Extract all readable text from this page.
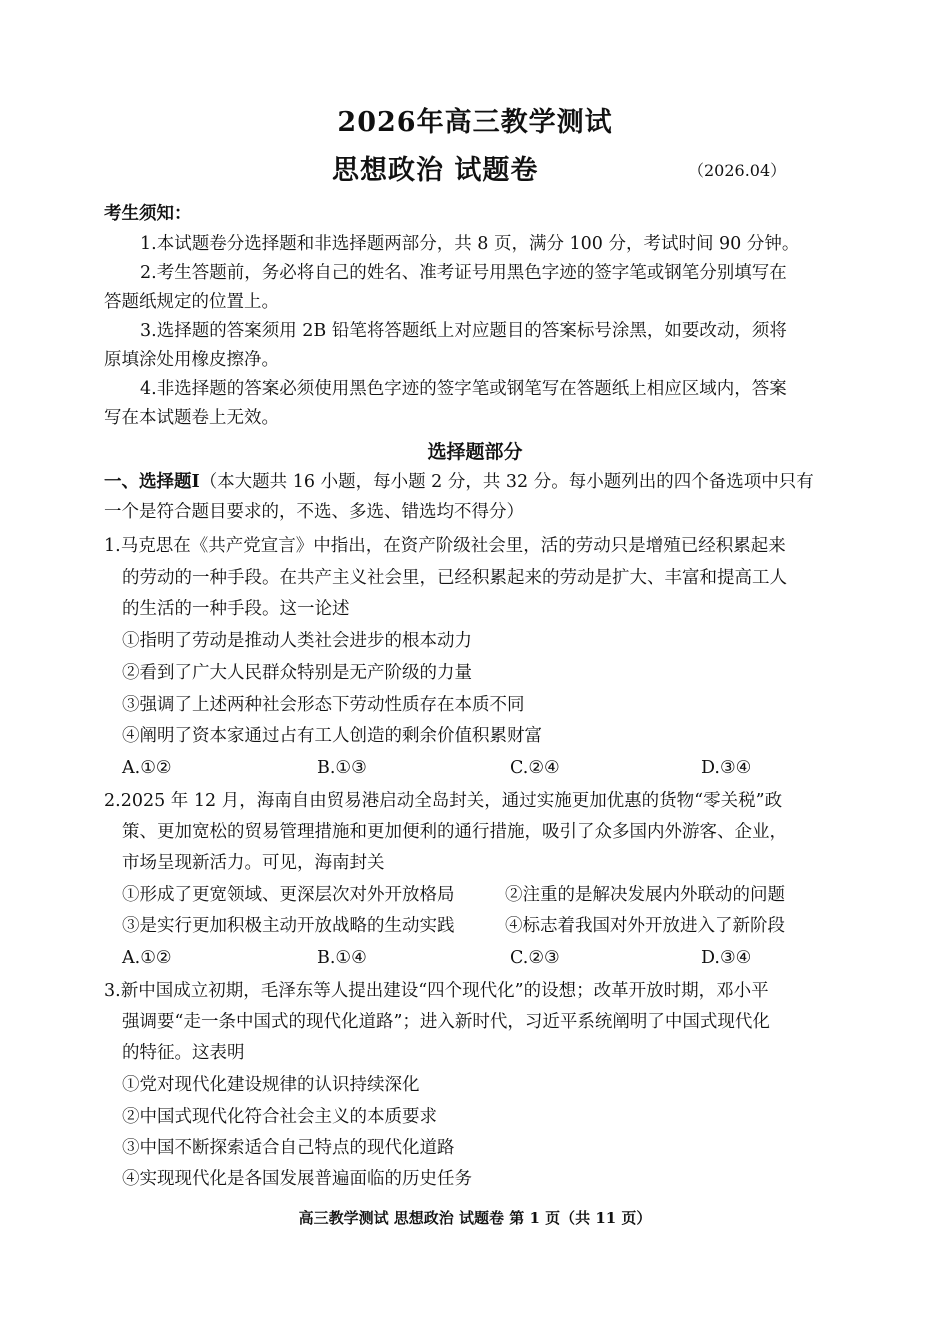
2026年高三教学测试
思想政治 试题卷	（2026.04）
考生须知：
1.本试题卷分选择题和非选择题两部分，共 8 页，满分 100 分，考试时间 90 分钟。
2.考生答题前，务必将自己的姓名、准考证号用黑色字迹的签字笔或钢笔分别填写在
答题纸规定的位置上。
3.选择题的答案须用 2B 铅笔将答题纸上对应题目的答案标号涂黑，如要改动，须将
原填涂处用橡皮擦净。
4.非选择题的答案必须使用黑色字迹的签字笔或钢笔写在答题纸上相应区域内，答案
写在本试题卷上无效。
选择题部分
一、选择题Ⅰ（本大题共 16 小题，每小题 2 分，共 32 分。每小题列出的四个备选项中只有
一个是符合题目要求的，不选、多选、错选均不得分）
1.马克思在《共产党宣言》中指出，在资产阶级社会里，活的劳动只是增殖已经积累起来
的劳动的一种手段。在共产主义社会里，已经积累起来的劳动是扩大、丰富和提高工人
的生活的一种手段。这一论述
①指明了劳动是推动人类社会进步的根本动力
②看到了广大人民群众特别是无产阶级的力量
③强调了上述两种社会形态下劳动性质存在本质不同
④阐明了资本家通过占有工人创造的剩余价值积累财富
A.①②	B.①③	C.②④	D.③④
2.2025 年 12 月，海南自由贸易港启动全岛封关，通过实施更加优惠的货物“零关税”政
策、更加宽松的贸易管理措施和更加便利的通行措施，吸引了众多国内外游客、企业，
市场呈现新活力。可见，海南封关
①形成了更宽领域、更深层次对外开放格局	②注重的是解决发展内外联动的问题
③是实行更加积极主动开放战略的生动实践	④标志着我国对外开放进入了新阶段
A.①②	B.①④	C.②③	D.③④
3.新中国成立初期，毛泽东等人提出建设“四个现代化”的设想；改革开放时期，邓小平
强调要“走一条中国式的现代化道路”；进入新时代，习近平系统阐明了中国式现代化
的特征。这表明
①党对现代化建设规律的认识持续深化
②中国式现代化符合社会主义的本质要求
③中国不断探索适合自己特点的现代化道路
④实现现代化是各国发展普遍面临的历史任务
高三教学测试 思想政治 试题卷 第 1 页（共 11 页）
